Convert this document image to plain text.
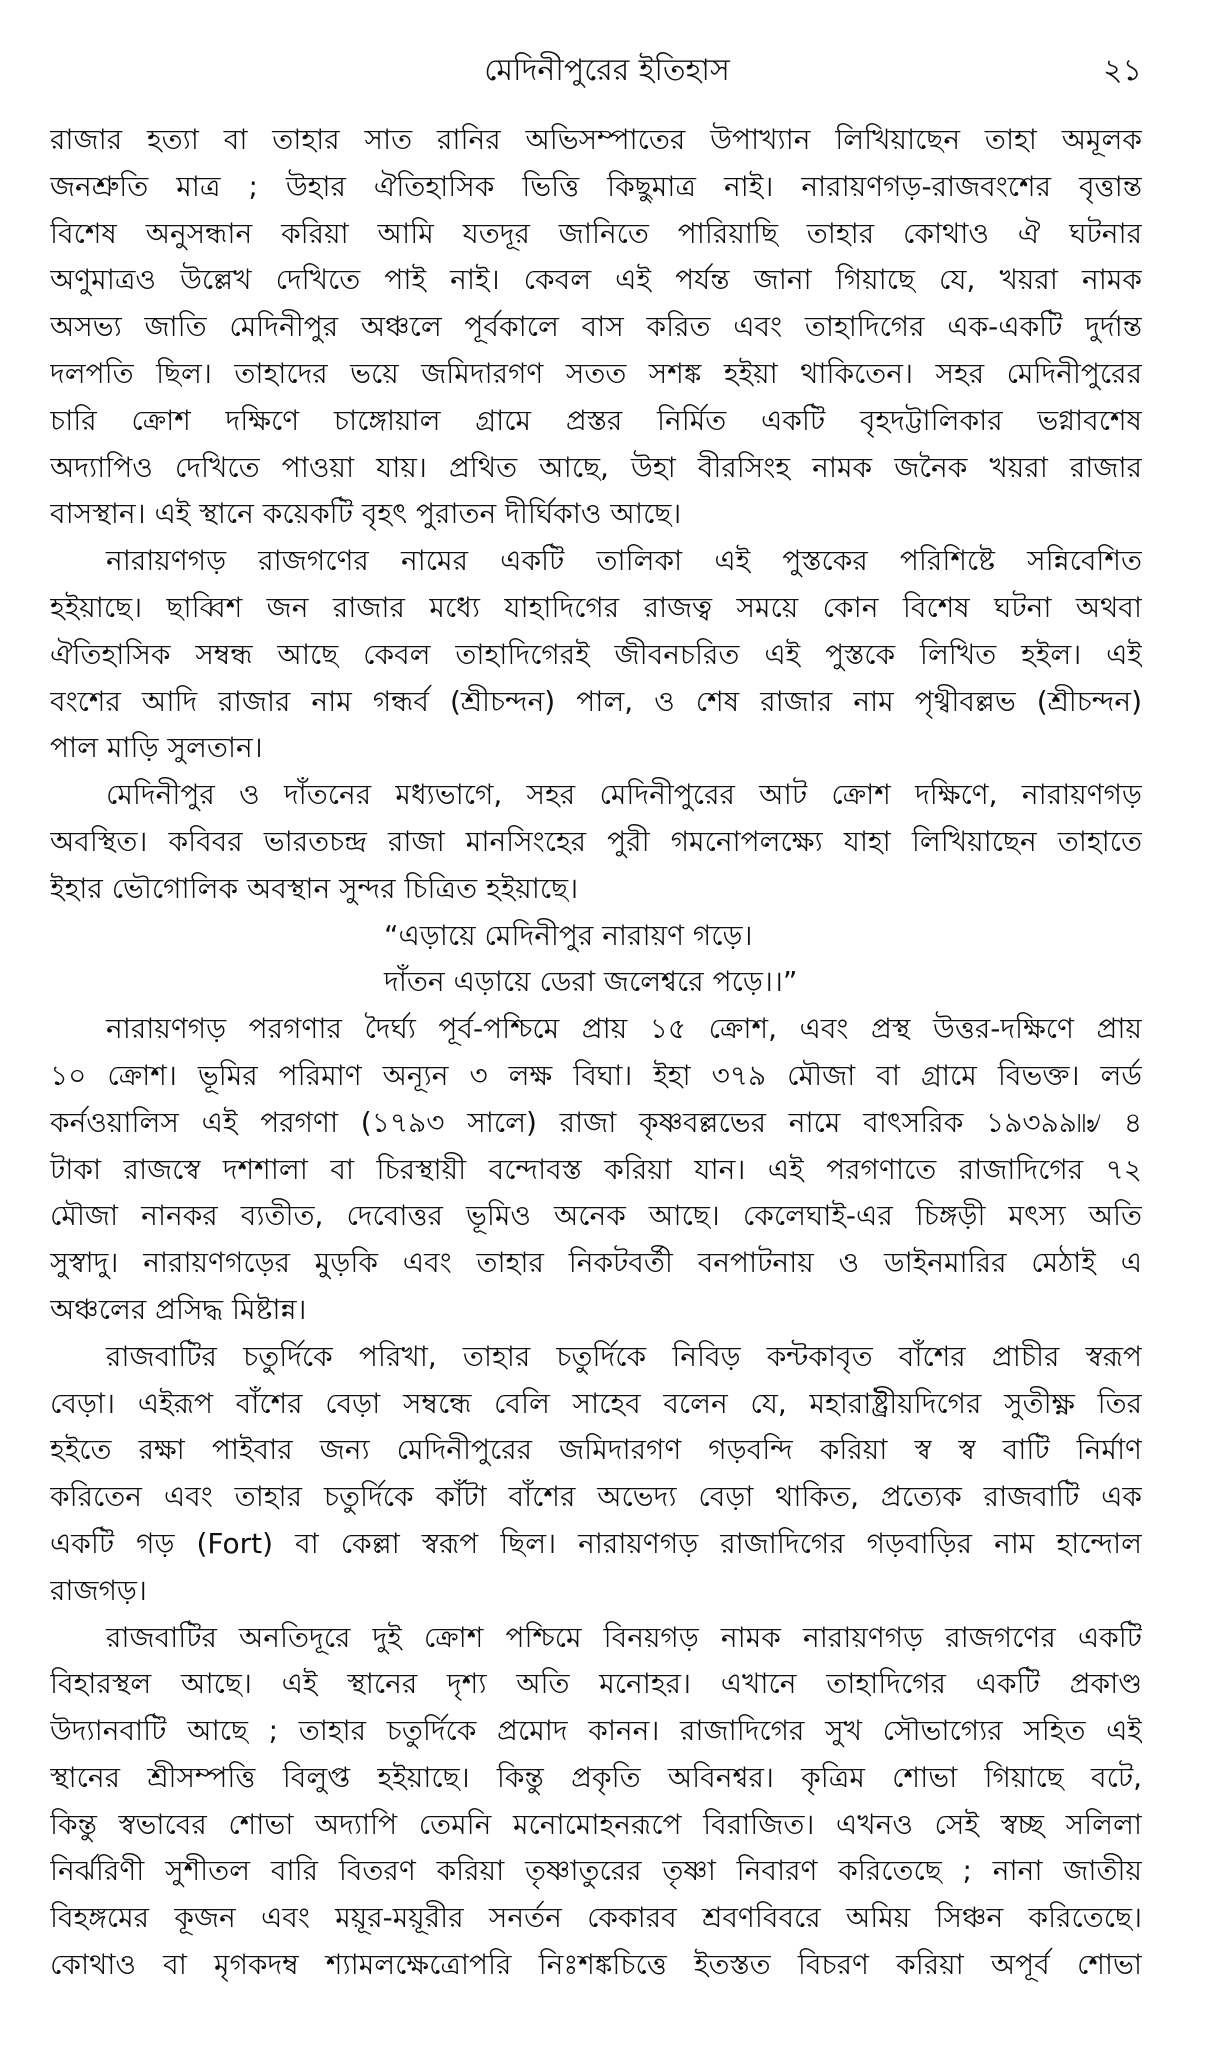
মেদিনীপুরের ইতিহাস	২১
রাজার হত্যা বা তাহার সাত রানির অভিসম্পাতের উপাখ্যান লিখিয়াছেন তাহা অমূলক
জনশ্রুতি মাত্র ; উহার ঐতিহাসিক ভিত্তি কিছুমাত্র নাই। নারায়ণগড়-রাজবংশের বৃত্তান্ত
বিশেষ অনুসন্ধান করিয়া আমি যতদূর জানিতে পারিয়াছি তাহার কোথাও ঐ ঘটনার
অণুমাত্রও উল্লেখ দেখিতে পাই নাই। কেবল এই পর্যন্ত জানা গিয়াছে যে, খয়রা নামক
অসভ্য জাতি মেদিনীপুর অঞ্চলে পূর্বকালে বাস করিত এবং তাহাদিগের এক-একটি দুর্দান্ত
দলপতি ছিল। তাহাদের ভয়ে জমিদারগণ সতত সশঙ্ক হইয়া থাকিতেন। সহর মেদিনীপুরের
চারি ক্রোশ দক্ষিণে চাঙ্গোয়াল গ্রামে প্রস্তর নির্মিত একটি বৃহদট্টালিকার ভগ্নাবশেষ
অদ্যাপিও দেখিতে পাওয়া যায়। প্রথিত আছে, উহা বীরসিংহ নামক জনৈক খয়রা রাজার
বাসস্থান। এই স্থানে কয়েকটি বৃহৎ পুরাতন দীর্ঘিকাও আছে।
নারায়ণগড় রাজগণের নামের একটি তালিকা এই পুস্তকের পরিশিষ্টে সন্নিবেশিত
হইয়াছে। ছাব্বিশ জন রাজার মধ্যে যাহাদিগের রাজত্ব সময়ে কোন বিশেষ ঘটনা অথবা
ঐতিহাসিক সম্বন্ধ আছে কেবল তাহাদিগেরই জীবনচরিত এই পুস্তকে লিখিত হইল। এই
বংশের আদি রাজার নাম গন্ধর্ব (শ্রীচন্দন) পাল, ও শেষ রাজার নাম পৃথ্বীবল্লভ (শ্রীচন্দন)
পাল মাড়ি সুলতান।
মেদিনীপুর ও দাঁতনের মধ্যভাগে, সহর মেদিনীপুরের আট ক্রোশ দক্ষিণে, নারায়ণগড়
অবস্থিত। কবিবর ভারতচন্দ্র রাজা মানসিংহের পুরী গমনোপলক্ষ্যে যাহা লিখিয়াছেন তাহাতে
ইহার ভৌগোলিক অবস্থান সুন্দর চিত্রিত হইয়াছে।
“এড়ায়ে মেদিনীপুর নারায়ণ গড়ে।
দাঁতন এড়ায়ে ডেরা জলেশ্বরে পড়ে।।”
নারায়ণগড় পরগণার দৈর্ঘ্য পূর্ব-পশ্চিমে প্রায় ১৫ ক্রোশ, এবং প্রস্থ উত্তর-দক্ষিণে প্রায়
১০ ক্রোশ। ভূমির পরিমাণ অন্যূন ৩ লক্ষ বিঘা। ইহা ৩৭৯ মৌজা বা গ্রামে বিভক্ত। লর্ড
কর্নওয়ালিস এই পরগণা (১৭৯৩ সালে) রাজা কৃষ্ণবল্লভের নামে বাৎসরিক ১৯৩৯৯৷৷৶ ৪
টাকা রাজস্বে দশশালা বা চিরস্থায়ী বন্দোবস্ত করিয়া যান। এই পরগণাতে রাজাদিগের ৭২
মৌজা নানকর ব্যতীত, দেবোত্তর ভূমিও অনেক আছে। কেলেঘাই-এর চিঙ্গড়ী মৎস্য অতি
সুস্বাদু। নারায়ণগড়ের মুড়কি এবং তাহার নিকটবর্তী বনপাটনায় ও ডাইনমারির মেঠাই এ
অঞ্চলের প্রসিদ্ধ মিষ্টান্ন।
রাজবাটির চতুর্দিকে পরিখা, তাহার চতুর্দিকে নিবিড় কন্টকাবৃত বাঁশের প্রাচীর স্বরূপ
বেড়া। এইরূপ বাঁশের বেড়া সম্বন্ধে বেলি সাহেব বলেন যে, মহারাষ্ট্রীয়দিগের সুতীক্ষ্ণ তির
হইতে রক্ষা পাইবার জন্য মেদিনীপুরের জমিদারগণ গড়বন্দি করিয়া স্ব স্ব বাটি নির্মাণ
করিতেন এবং তাহার চতুর্দিকে কাঁটা বাঁশের অভেদ্য বেড়া থাকিত, প্রত্যেক রাজবাটি এক
একটি গড় (Fort) বা কেল্লা স্বরূপ ছিল। নারায়ণগড় রাজাদিগের গড়বাড়ির নাম হান্দোল
রাজগড়।
রাজবাটির অনতিদূরে দুই ক্রোশ পশ্চিমে বিনয়গড় নামক নারায়ণগড় রাজগণের একটি
বিহারস্থল আছে। এই স্থানের দৃশ্য অতি মনোহর। এখানে তাহাদিগের একটি প্রকাণ্ড
উদ্যানবাটি আছে ; তাহার চতুর্দিকে প্রমোদ কানন। রাজাদিগের সুখ সৌভাগ্যের সহিত এই
স্থানের শ্রীসম্পত্তি বিলুপ্ত হইয়াছে। কিন্তু প্রকৃতি অবিনশ্বর। কৃত্রিম শোভা গিয়াছে বটে,
কিন্তু স্বভাবের শোভা অদ্যাপি তেমনি মনোমোহনরূপে বিরাজিত। এখনও সেই স্বচ্ছ সলিলা
নির্ঝরিণী সুশীতল বারি বিতরণ করিয়া তৃষ্ণাতুরের তৃষ্ণা নিবারণ করিতেছে ; নানা জাতীয়
বিহঙ্গমের কূজন এবং ময়ূর-ময়ূরীর সনর্তন কেকারব শ্রবণবিবরে অমিয় সিঞ্চন করিতেছে।
কোথাও বা মৃগকদম্ব শ্যামলক্ষেত্রোপরি নিঃশঙ্কচিত্তে ইতস্তত বিচরণ করিয়া অপূর্ব শোভা
